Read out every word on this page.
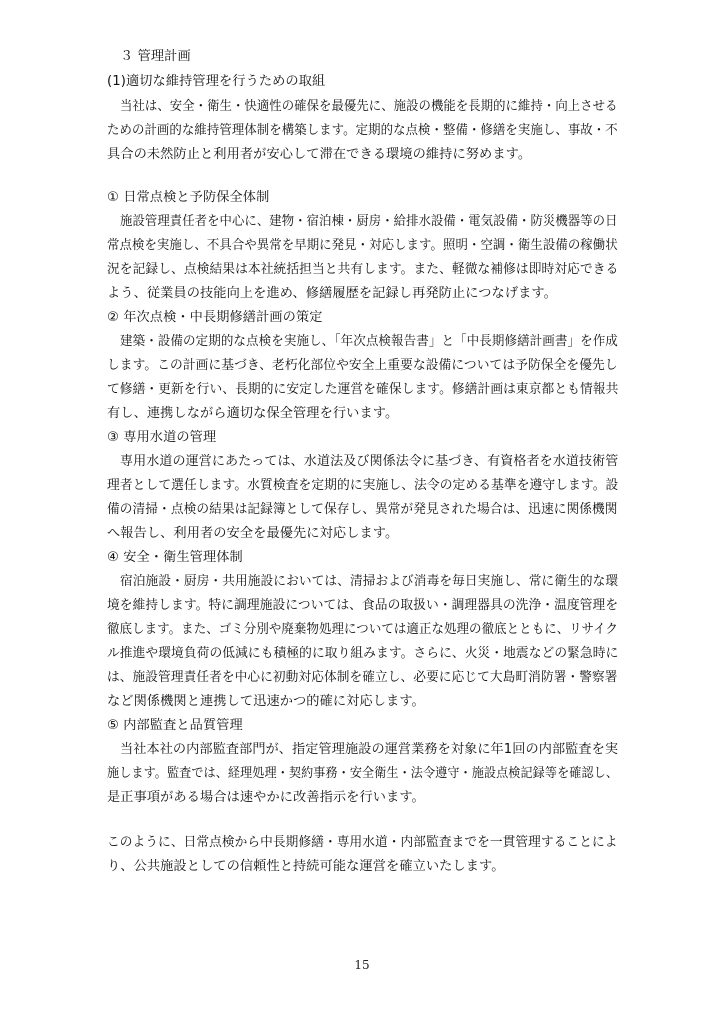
３ 管理計画
(1)適切な維持管理を行うための取組
当社は、安全・衛生・快適性の確保を最優先に、施設の機能を長期的に維持・向上させる
ための計画的な維持管理体制を構築します。定期的な点検・整備・修繕を実施し、事故・不
具合の未然防止と利用者が安心して滞在できる環境の維持に努めます。
① 日常点検と予防保全体制
施設管理責任者を中心に、建物・宿泊棟・厨房・給排水設備・電気設備・防災機器等の日
常点検を実施し、不具合や異常を早期に発見・対応します。照明・空調・衛生設備の稼働状
況を記録し、点検結果は本社統括担当と共有します。また、軽微な補修は即時対応できる
よう、従業員の技能向上を進め、修繕履歴を記録し再発防止につなげます。
② 年次点検・中長期修繕計画の策定
建築・設備の定期的な点検を実施し、「年次点検報告書」と「中長期修繕計画書」を作成
します。この計画に基づき、老朽化部位や安全上重要な設備については予防保全を優先し
て修繕・更新を行い、長期的に安定した運営を確保します。修繕計画は東京都とも情報共
有し、連携しながら適切な保全管理を行います。
③ 専用水道の管理
専用水道の運営にあたっては、水道法及び関係法令に基づき、有資格者を水道技術管
理者として選任します。水質検査を定期的に実施し、法令の定める基準を遵守します。設
備の清掃・点検の結果は記録簿として保存し、異常が発見された場合は、迅速に関係機関
へ報告し、利用者の安全を最優先に対応します。
④ 安全・衛生管理体制
宿泊施設・厨房・共用施設においては、清掃および消毒を毎日実施し、常に衛生的な環
境を維持します。特に調理施設については、食品の取扱い・調理器具の洗浄・温度管理を
徹底します。また、ゴミ分別や廃棄物処理については適正な処理の徹底とともに、リサイク
ル推進や環境負荷の低減にも積極的に取り組みます。さらに、火災・地震などの緊急時に
は、施設管理責任者を中心に初動対応体制を確立し、必要に応じて大島町消防署・警察署
など関係機関と連携して迅速かつ的確に対応します。
⑤ 内部監査と品質管理
当社本社の内部監査部門が、指定管理施設の運営業務を対象に年1回の内部監査を実
施します。監査では、経理処理・契約事務・安全衛生・法令遵守・施設点検記録等を確認し、
是正事項がある場合は速やかに改善指示を行います。
このように、日常点検から中長期修繕・専用水道・内部監査までを一貫管理することによ
り、公共施設としての信頼性と持続可能な運営を確立いたします。
15
